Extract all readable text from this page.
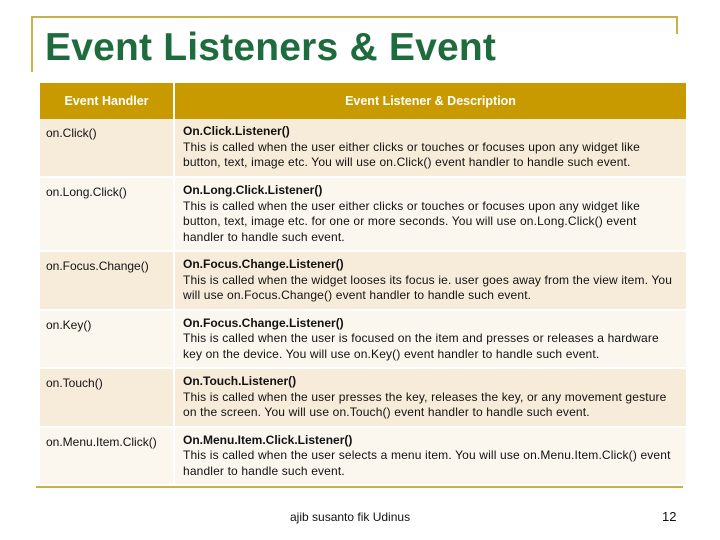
Event Listeners & Event
Event Handler	Event Listener & Description
on.Click()	On.Click.Listener()
This is called when the user either clicks or touches or focuses upon any widget like button, text, image etc. You will use on.Click() event handler to handle such event.

on.Long.Click()	On.Long.Click.Listener()
This is called when the user either clicks or touches or focuses upon any widget like button, text, image etc. for one or more seconds. You will use on.Long.Click() event handler to handle such event.

on.Focus.Change()	On.Focus.Change.Listener()
This is called when the widget looses its focus ie. user goes away from the view item. You will use on.Focus.Change() event handler to handle such event.

on.Key()	On.Focus.Change.Listener()
This is called when the user is focused on the item and presses or releases a hardware key on the device. You will use on.Key() event handler to handle such event.

on.Touch()	On.Touch.Listener()
This is called when the user presses the key, releases the key, or any movement gesture on the screen. You will use on.Touch() event handler to handle such event.

on.Menu.Item.Click()	On.Menu.Item.Click.Listener()
This is called when the user selects a menu item. You will use on.Menu.Item.Click() event handler to handle such event.
ajib susanto fik Udinus	12
